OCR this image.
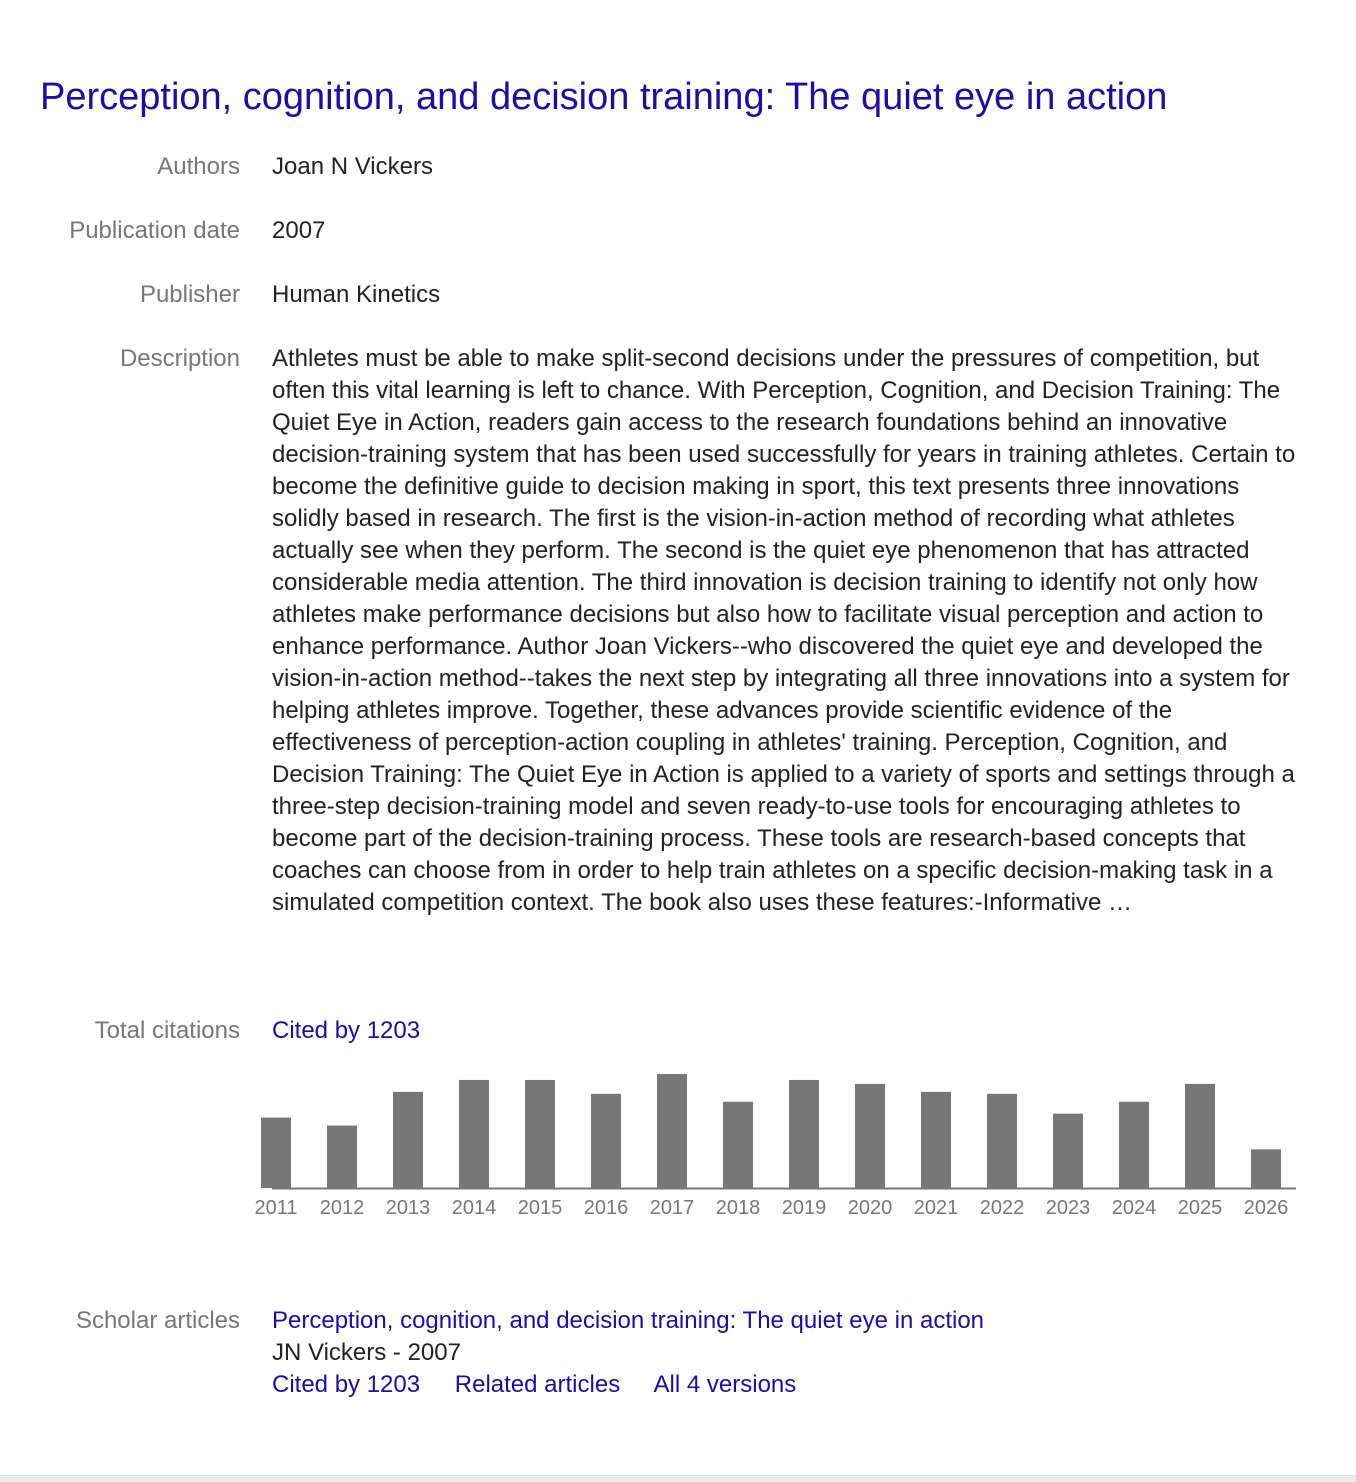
Perception, cognition, and decision training: The quiet eye in action
Authors Joan N Vickers
Publication date 2007
Publisher Human Kinetics
Description Athletes must be able to make split-second decisions under the pressures of competition, but often this vital learning is left to chance. With Perception, Cognition, and Decision Training: The Quiet Eye in Action, readers gain access to the research foundations behind an innovative decision-training system that has been used successfully for years in training athletes. Certain to become the definitive guide to decision making in sport, this text presents three innovations solidly based in research. The first is the vision-in-action method of recording what athletes actually see when they perform. The second is the quiet eye phenomenon that has attracted considerable media attention. The third innovation is decision training to identify not only how athletes make performance decisions but also how to facilitate visual perception and action to enhance performance. Author Joan Vickers--who discovered the quiet eye and developed the vision-in-action method--takes the next step by integrating all three innovations into a system for helping athletes improve. Together, these advances provide scientific evidence of the effectiveness of perception-action coupling in athletes' training. Perception, Cognition, and Decision Training: The Quiet Eye in Action is applied to a variety of sports and settings through a three-step decision-training model and seven ready-to-use tools for encouraging athletes to become part of the decision-training process. These tools are research-based concepts that coaches can choose from in order to help train athletes on a specific decision-making task in a simulated competition context. The book also uses these features:-Informative …
Total citations Cited by 1203
2011 2012 2013 2014 2015 2016 2017 2018 2019 2020 2021 2022 2023 2024 2025 2026
Scholar articles Perception, cognition, and decision training: The quiet eye in action
JN Vickers - 2007
Cited by 1203 Related articles All 4 versions
